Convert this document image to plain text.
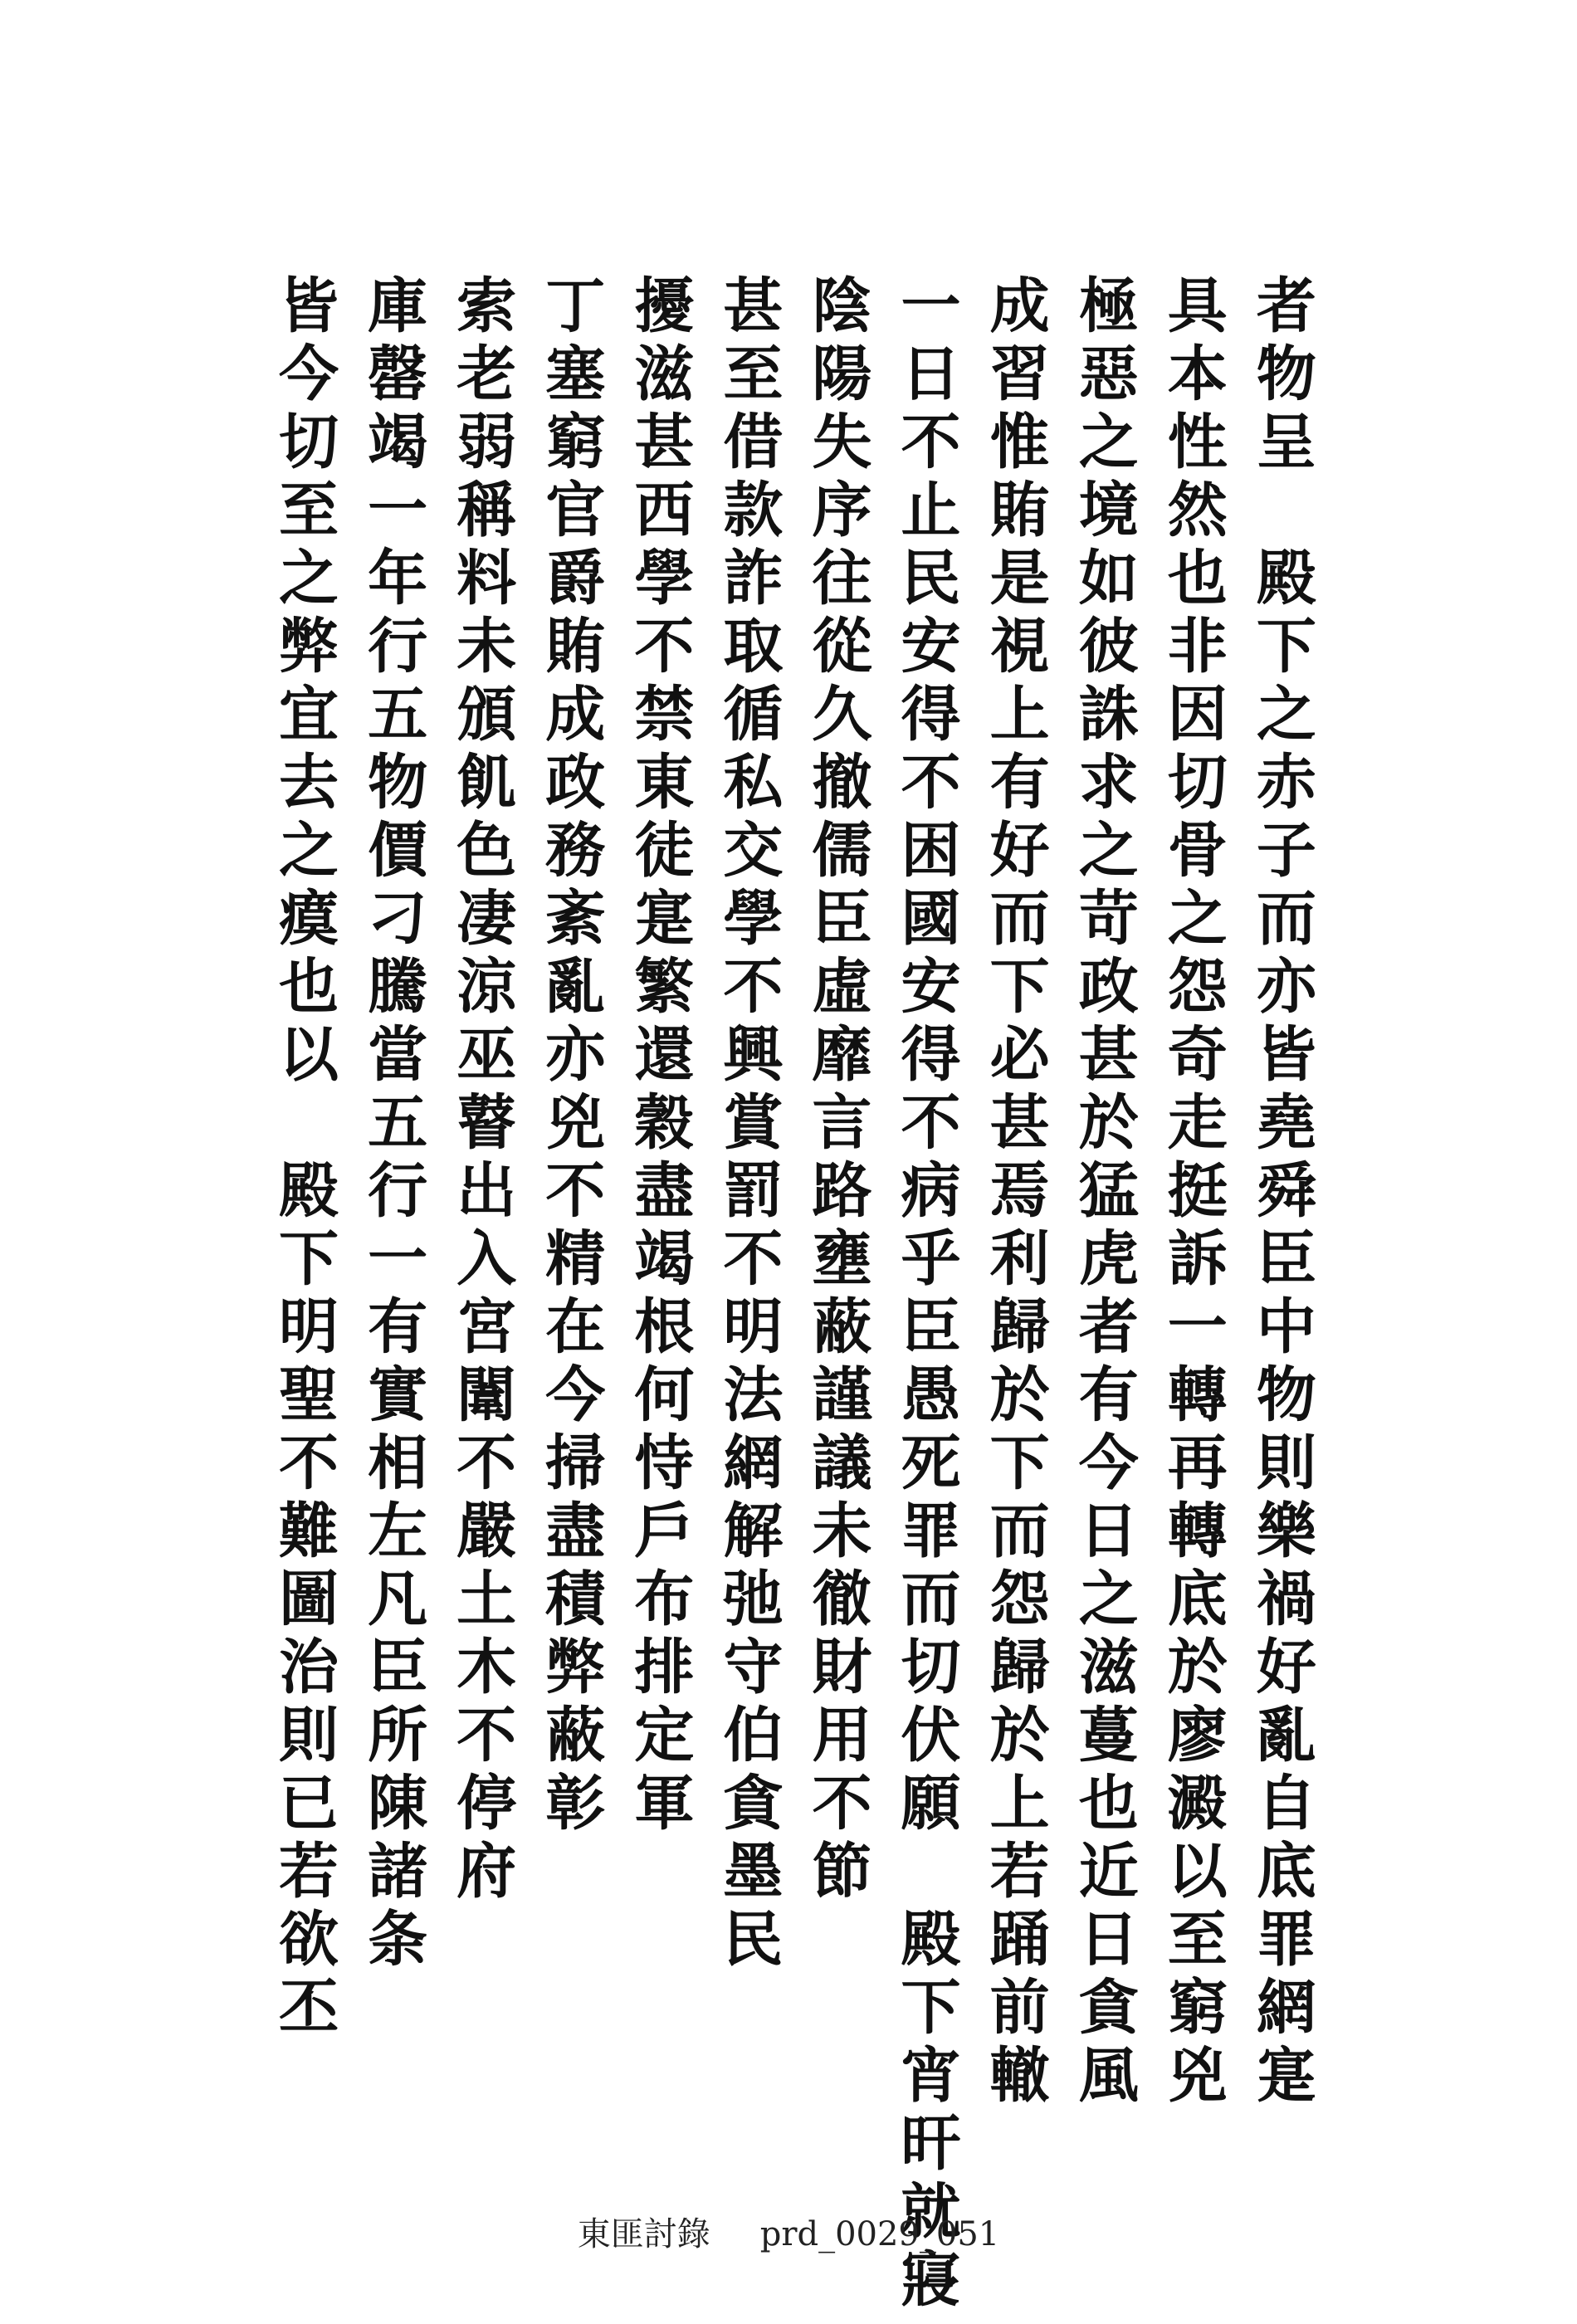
者物呈　殿下之赤子而亦皆堯舜臣中物則樂禍好亂自底罪網寔
具本性然也非因切骨之怨奇走挺訴一轉再轉底於廖澱以至窮兇
極惡之境如彼誅求之苛政甚於猛虎者有今日之滋蔓也近日貪風
成習惟賄是視上有好而下必甚焉利歸於下而怨歸於上若踊前轍
一日不止民安得不困國安得不病乎臣愚死罪而切伏願　殿下宵旰就寢
陰陽失序往從久撤儒臣虛靡言路壅蔽謹議未徹財用不節
甚至借款詐取循私交學不興賞罰不明法網解弛守伯貪墨民
擾滋甚西學不禁東徒寔繁還穀盡竭根何恃戶布排定軍
丁塞窮官爵賄成政務紊亂亦兇不精在今掃盡積弊蔽彰
索老弱稱料未頒飢色凄涼巫瞽出入宮闈不嚴土木不停府
庫罄竭一年行五物價刁騰當五行一有實相左凡臣所陳諸条
皆今切至之弊宜去之瘼也以　殿下明聖不難圖治則已若欲丕
東匪討錄 prd_0029_051
